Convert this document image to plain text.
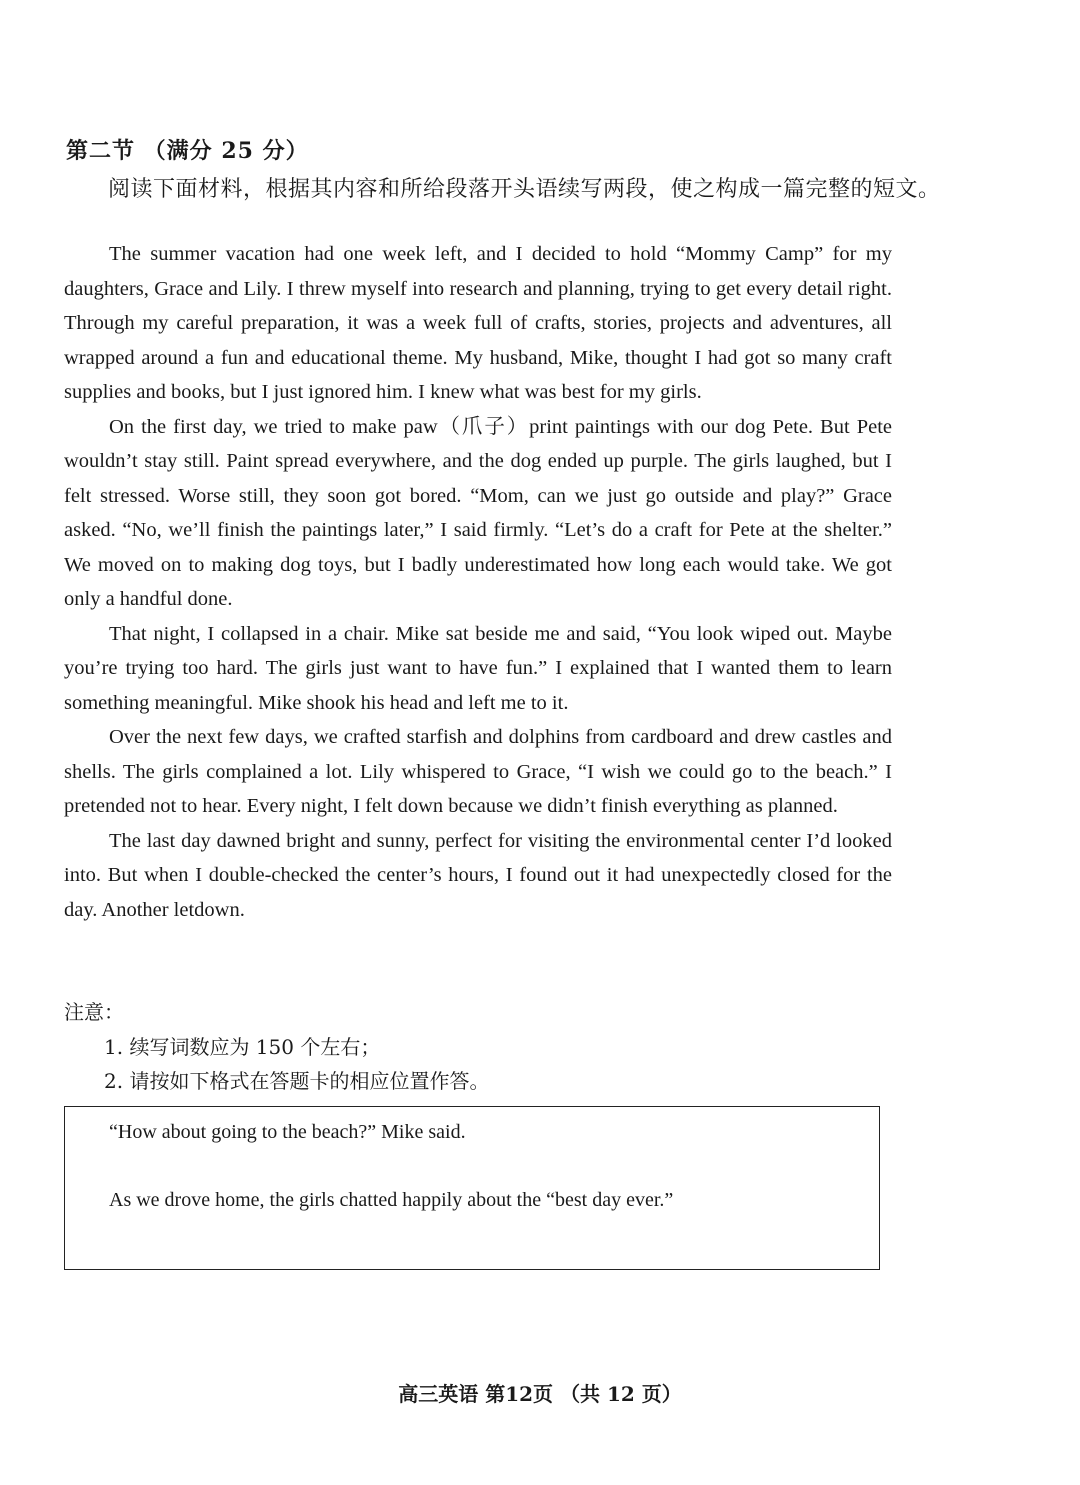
第二节 （满分 25 分）
阅读下面材料，根据其内容和所给段落开头语续写两段，使之构成一篇完整的短文。

The summer vacation had one week left, and I decided to hold “Mommy Camp” for my daughters, Grace and Lily. I threw myself into research and planning, trying to get every detail right. Through my careful preparation, it was a week full of crafts, stories, projects and adventures, all wrapped around a fun and educational theme. My husband, Mike, thought I had got so many craft supplies and books, but I just ignored him. I knew what was best for my girls.

On the first day, we tried to make paw（爪子）print paintings with our dog Pete. But Pete wouldn’t stay still. Paint spread everywhere, and the dog ended up purple. The girls laughed, but I felt stressed. Worse still, they soon got bored. “Mom, can we just go outside and play?” Grace asked. “No, we’ll finish the paintings later,” I said firmly. “Let’s do a craft for Pete at the shelter.” We moved on to making dog toys, but I badly underestimated how long each would take. We got only a handful done.

That night, I collapsed in a chair. Mike sat beside me and said, “You look wiped out. Maybe you’re trying too hard. The girls just want to have fun.” I explained that I wanted them to learn something meaningful. Mike shook his head and left me to it.

Over the next few days, we crafted starfish and dolphins from cardboard and drew castles and shells. The girls complained a lot. Lily whispered to Grace, “I wish we could go to the beach.” I pretended not to hear. Every night, I felt down because we didn’t finish everything as planned.

The last day dawned bright and sunny, perfect for visiting the environmental center I’d looked into. But when I double-checked the center’s hours, I found out it had unexpectedly closed for the day. Another letdown.

注意：

1. 续写词数应为 150 个左右；

2. 请按如下格式在答题卡的相应位置作答。

“How about going to the beach?” Mike said.
As we drove home, the girls chatted happily about the “best day ever.”
高三英语 第12页 （共 12 页）
